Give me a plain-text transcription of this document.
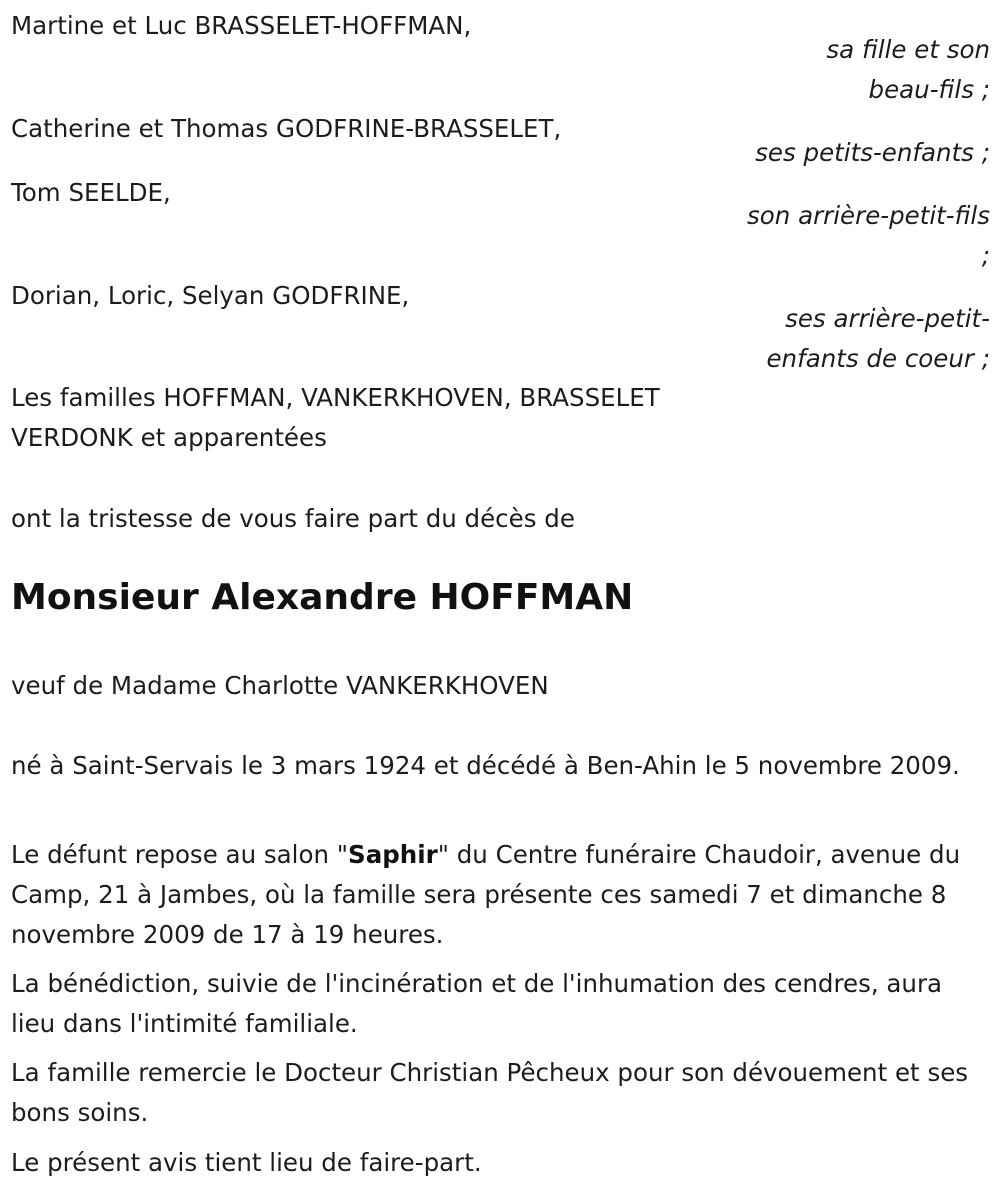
Martine et Luc BRASSELET-HOFFMAN,
sa fille et son
beau-fils ;
Catherine et Thomas GODFRINE-BRASSELET,
ses petits-enfants ;
Tom SEELDE,
son arrière-petit-fils
;
Dorian, Loric, Selyan GODFRINE,
ses arrière-petit-
enfants de coeur ;
Les familles HOFFMAN, VANKERKHOVEN, BRASSELET
VERDONK et apparentées
ont la tristesse de vous faire part du décès de
Monsieur Alexandre HOFFMAN
veuf de Madame Charlotte VANKERKHOVEN
né à Saint-Servais le 3 mars 1924 et décédé à Ben-Ahin le 5 novembre 2009.
Le défunt repose au salon "Saphir" du Centre funéraire Chaudoir, avenue du Camp, 21 à Jambes, où la famille sera présente ces samedi 7 et dimanche 8 novembre 2009 de 17 à 19 heures.
La bénédiction, suivie de l'incinération et de l'inhumation des cendres, aura lieu dans l'intimité familiale.
La famille remercie le Docteur Christian Pêcheux pour son dévouement et ses bons soins.
Le présent avis tient lieu de faire-part.
